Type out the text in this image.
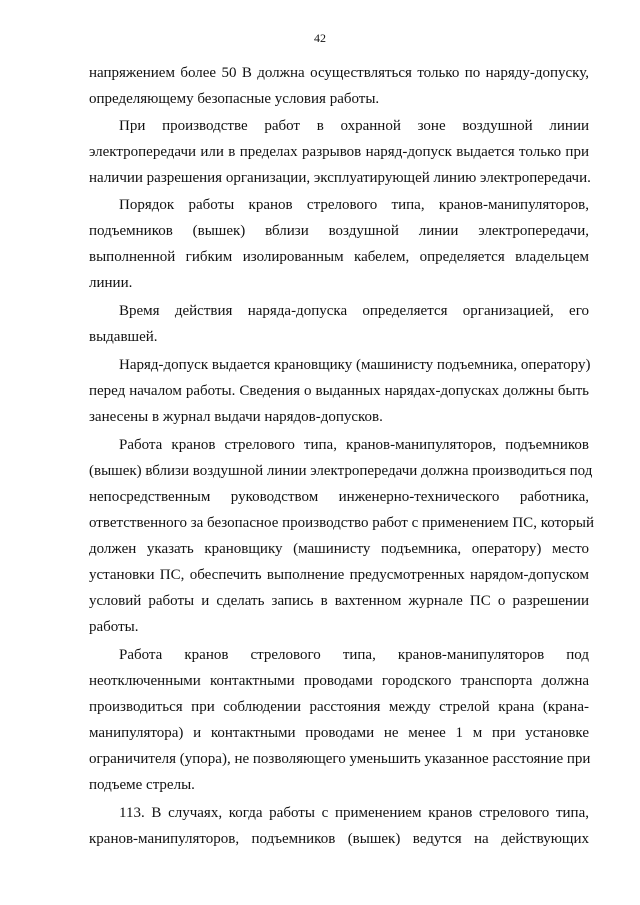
42
напряжением более 50 В должна осуществляться только по наряду-допуску,
определяющему безопасные условия работы.
При производстве работ в охранной зоне воздушной линии
электропередачи или в пределах разрывов наряд-допуск выдается только при
наличии разрешения организации, эксплуатирующей линию электропередачи.
Порядок работы кранов стрелового типа, кранов-манипуляторов,
подъемников (вышек) вблизи воздушной линии электропередачи,
выполненной гибким изолированным кабелем, определяется владельцем
линии.
Время действия наряда-допуска определяется организацией, его
выдавшей.
Наряд-допуск выдается крановщику (машинисту подъемника, оператору)
перед началом работы. Сведения о выданных нарядах-допусках должны быть
занесены в журнал выдачи нарядов-допусков.
Работа кранов стрелового типа, кранов-манипуляторов, подъемников
(вышек) вблизи воздушной линии электропередачи должна производиться под
непосредственным руководством инженерно-технического работника,
ответственного за безопасное производство работ с применением ПС, который
должен указать крановщику (машинисту подъемника, оператору) место
установки ПС, обеспечить выполнение предусмотренных нарядом-допуском
условий работы и сделать запись в вахтенном журнале ПС о разрешении
работы.
Работа кранов стрелового типа, кранов-манипуляторов под
неотключенными контактными проводами городского транспорта должна
производиться при соблюдении расстояния между стрелой крана (крана-
манипулятора) и контактными проводами не менее 1 м при установке
ограничителя (упора), не позволяющего уменьшить указанное расстояние при
подъеме стрелы.
113. В случаях, когда работы с применением кранов стрелового типа,
кранов-манипуляторов, подъемников (вышек) ведутся на действующих
